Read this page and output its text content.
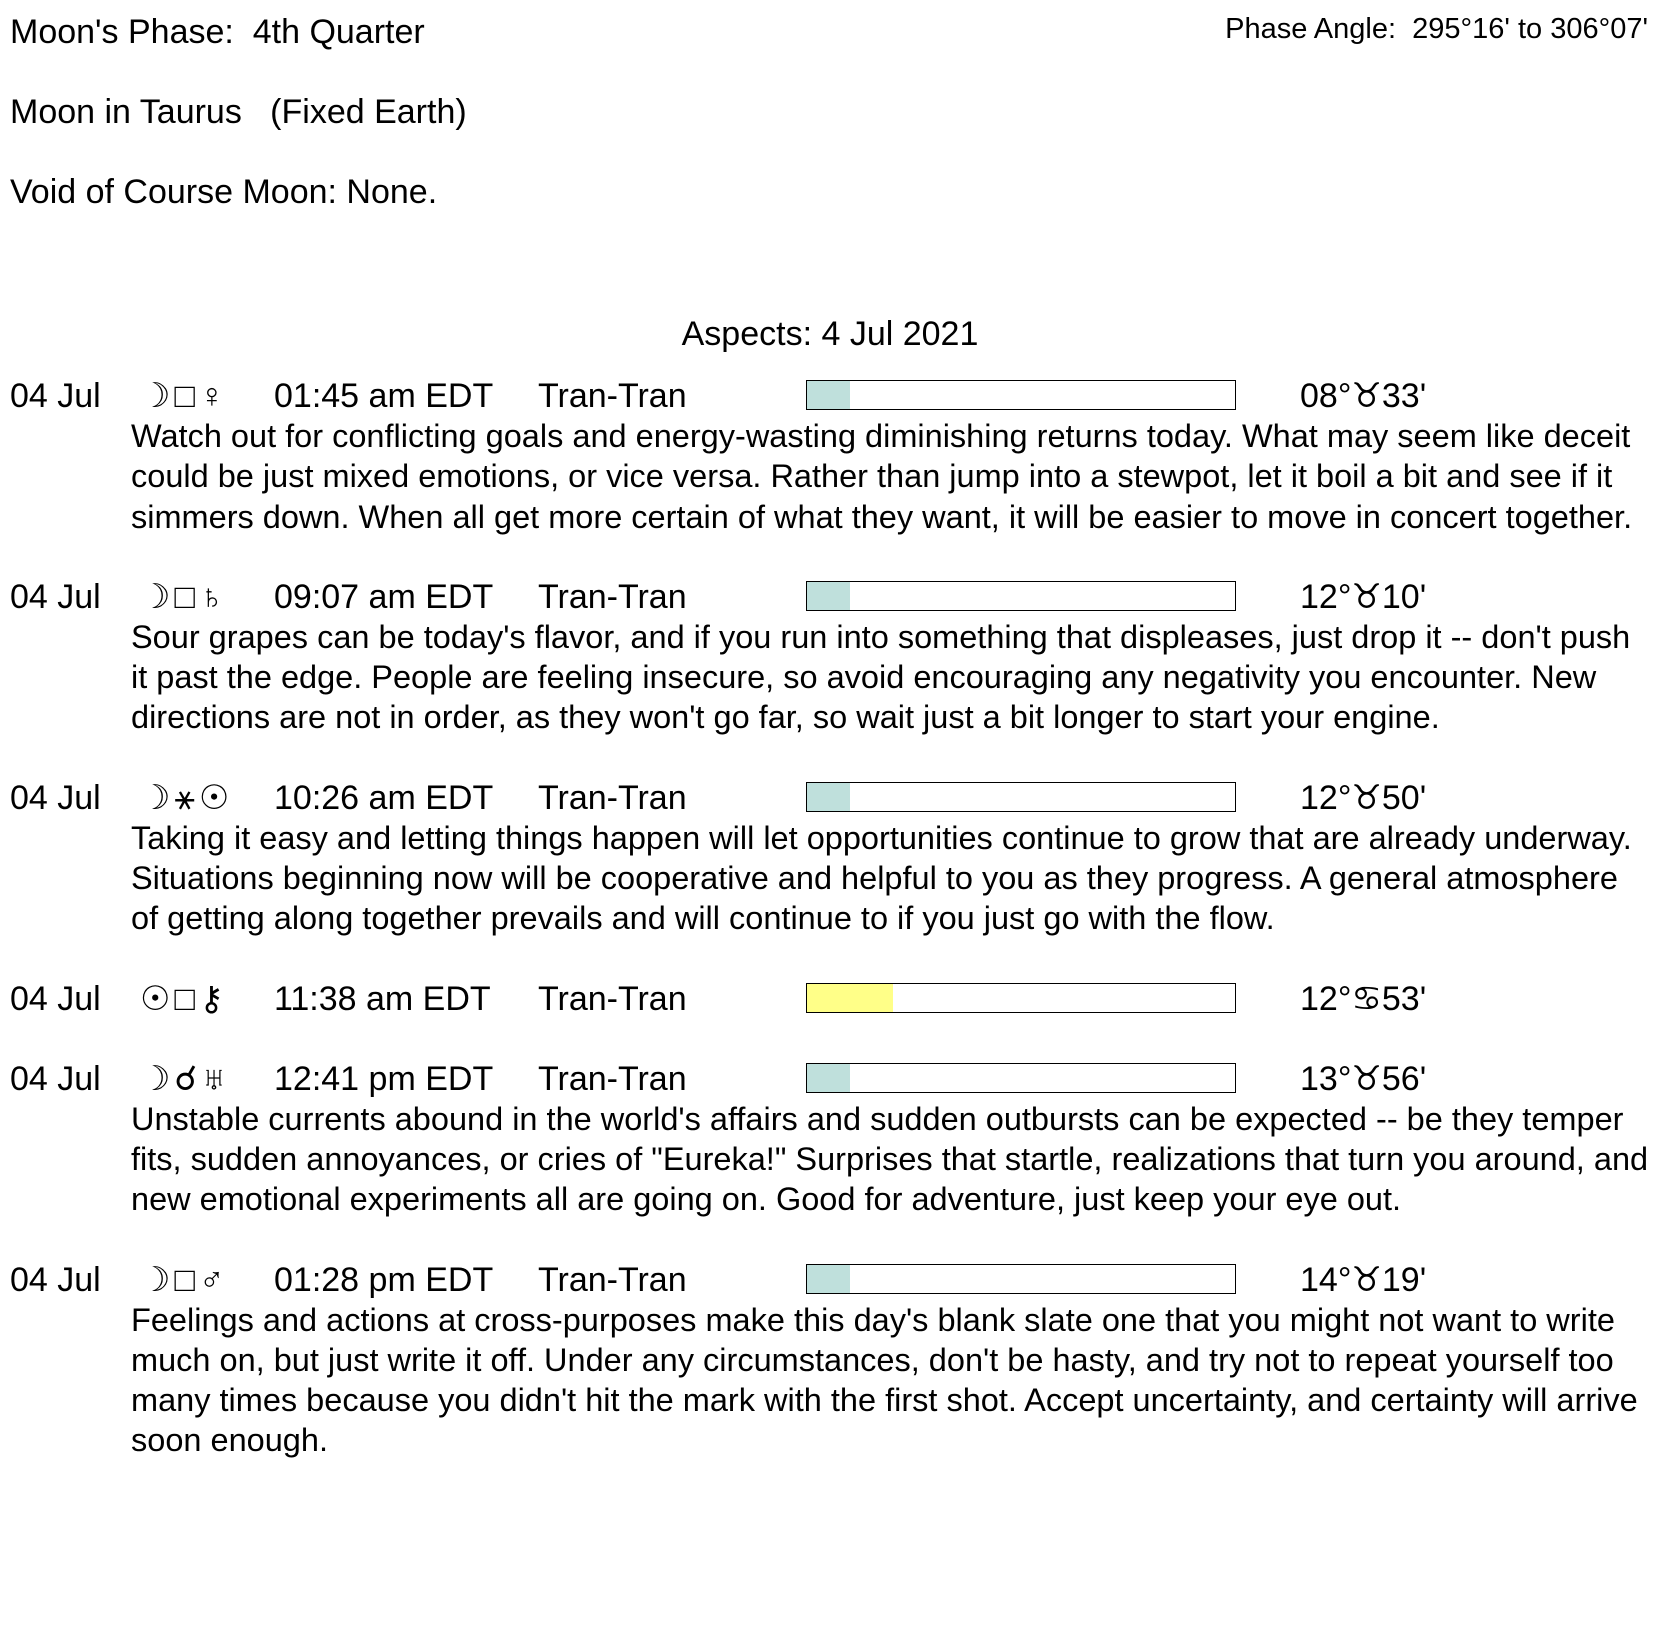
Moon's Phase:  4th Quarter	Phase Angle:  295°16' to 306°07'
Moon in Taurus   (Fixed Earth)
Void of Course Moon: None.
Aspects: 4 Jul 2021
04 Jul ☽□♀ 01:45 am EDT Tran-Tran	08°♉33'
Watch out for conflicting goals and energy-wasting diminishing returns today. What may seem like deceit could be just mixed emotions, or vice versa. Rather than jump into a stewpot, let it boil a bit and see if it simmers down. When all get more certain of what they want, it will be easier to move in concert together.
04 Jul ☽□♄ 09:07 am EDT Tran-Tran	12°♉10'
Sour grapes can be today's flavor, and if you run into something that displeases, just drop it -- don't push it past the edge. People are feeling insecure, so avoid encouraging any negativity you encounter. New directions are not in order, as they won't go far, so wait just a bit longer to start your engine.
04 Jul ☽⚹☉ 10:26 am EDT Tran-Tran	12°♉50'
Taking it easy and letting things happen will let opportunities continue to grow that are already underway. Situations beginning now will be cooperative and helpful to you as they progress. A general atmosphere of getting along together prevails and will continue to if you just go with the flow.
04 Jul ☉□⚷ 11:38 am EDT Tran-Tran	12°♋53'
04 Jul ☽☌♅ 12:41 pm EDT Tran-Tran	13°♉56'
Unstable currents abound in the world's affairs and sudden outbursts can be expected -- be they temper fits, sudden annoyances, or cries of "Eureka!" Surprises that startle, realizations that turn you around, and new emotional experiments all are going on. Good for adventure, just keep your eye out.
04 Jul ☽□♂ 01:28 pm EDT Tran-Tran	14°♉19'
Feelings and actions at cross-purposes make this day's blank slate one that you might not want to write much on, but just write it off. Under any circumstances, don't be hasty, and try not to repeat yourself too many times because you didn't hit the mark with the first shot. Accept uncertainty, and certainty will arrive soon enough.
